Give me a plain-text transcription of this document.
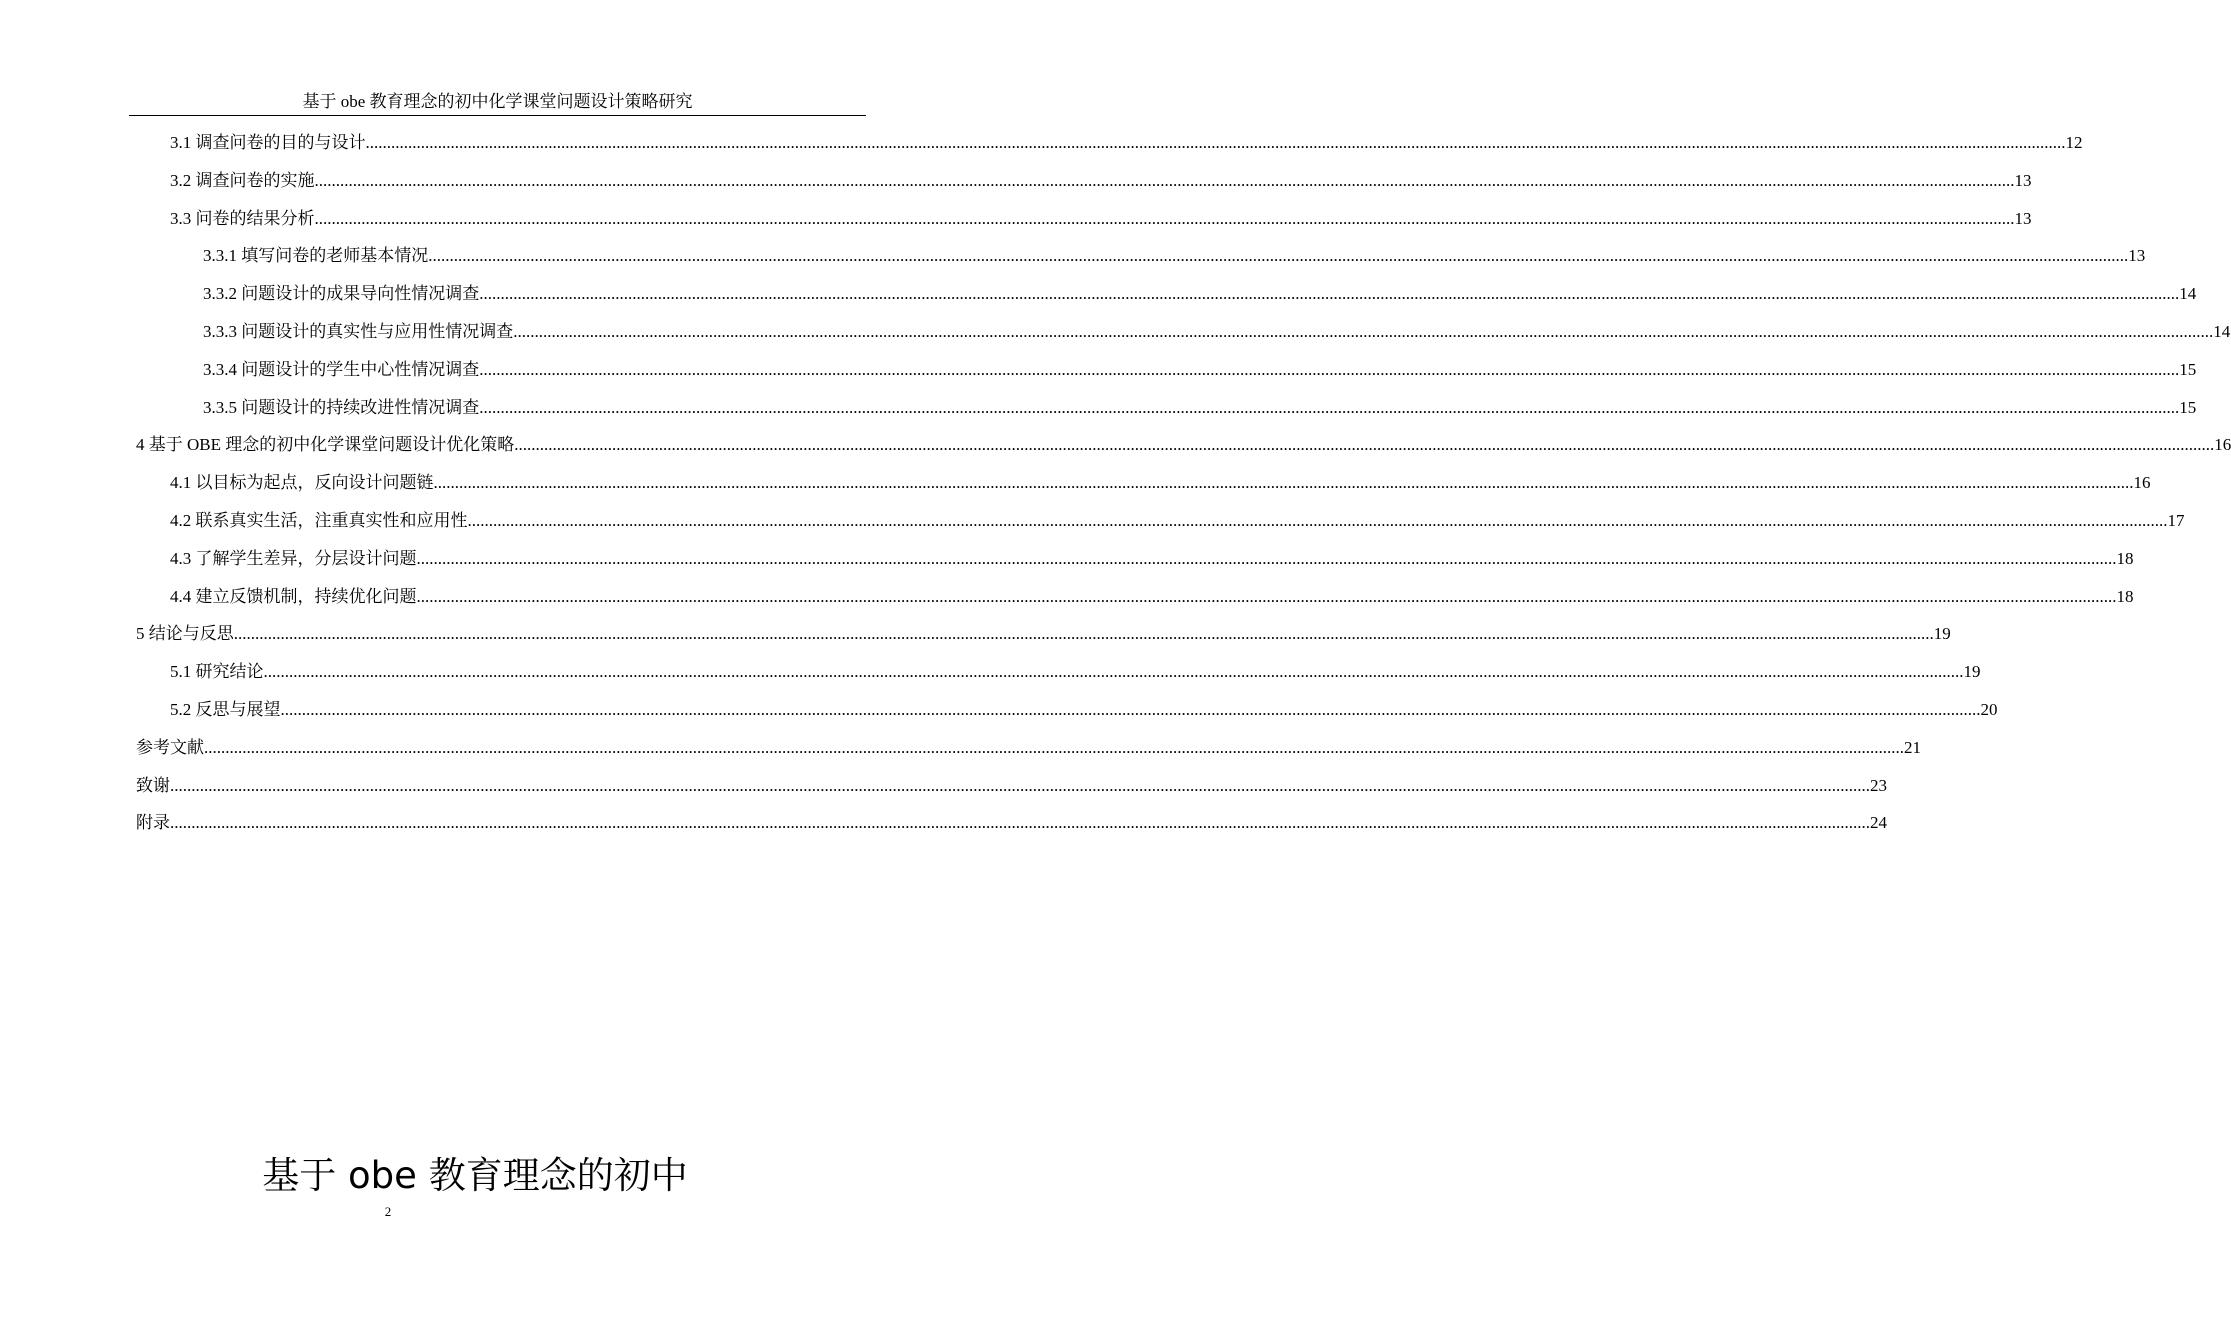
基于 obe 教育理念的初中化学课堂问题设计策略研究
3.1 调查问卷的目的与设计 ................................................................................................................................................................................................................................................................................................................................................................................................................ 12
3.2 调查问卷的实施 ................................................................................................................................................................................................................................................................................................................................................................................................................ 13
3.3 问卷的结果分析 ................................................................................................................................................................................................................................................................................................................................................................................................................ 13
3.3.1 填写问卷的老师基本情况 ................................................................................................................................................................................................................................................................................................................................................................................................................ 13
3.3.2 问题设计的成果导向性情况调查 ................................................................................................................................................................................................................................................................................................................................................................................................................ 14
3.3.3 问题设计的真实性与应用性情况调查 ................................................................................................................................................................................................................................................................................................................................................................................................................ 14
3.3.4 问题设计的学生中心性情况调查 ................................................................................................................................................................................................................................................................................................................................................................................................................ 15
3.3.5 问题设计的持续改进性情况调查 ................................................................................................................................................................................................................................................................................................................................................................................................................ 15
4 基于 OBE 理念的初中化学课堂问题设计优化策略 ................................................................................................................................................................................................................................................................................................................................................................................................................ 16
4.1 以目标为起点，反向设计问题链 ................................................................................................................................................................................................................................................................................................................................................................................................................ 16
4.2 联系真实生活，注重真实性和应用性 ................................................................................................................................................................................................................................................................................................................................................................................................................ 17
4.3 了解学生差异，分层设计问题 ................................................................................................................................................................................................................................................................................................................................................................................................................ 18
4.4 建立反馈机制，持续优化问题 ................................................................................................................................................................................................................................................................................................................................................................................................................ 18
5 结论与反思 ................................................................................................................................................................................................................................................................................................................................................................................................................ 19
5.1 研究结论 ................................................................................................................................................................................................................................................................................................................................................................................................................ 19
5.2 反思与展望 ................................................................................................................................................................................................................................................................................................................................................................................................................ 20
参考文献 ................................................................................................................................................................................................................................................................................................................................................................................................................ 21
致谢 ................................................................................................................................................................................................................................................................................................................................................................................................................ 23
附录 ................................................................................................................................................................................................................................................................................................................................................................................................................ 24
基于 obe 教育理念的初中
2
